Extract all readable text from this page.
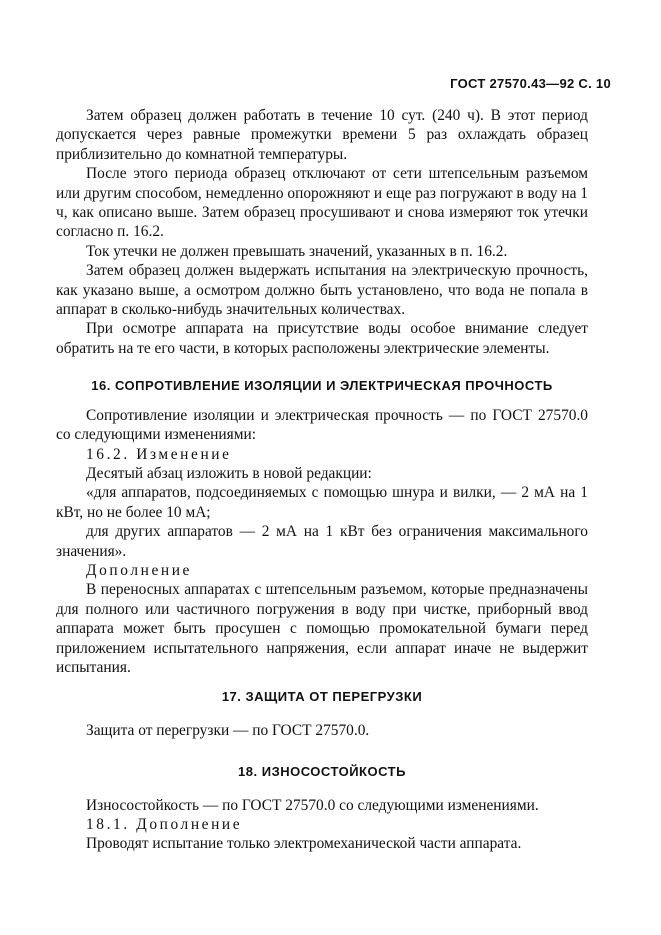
ГОСТ 27570.43—92 С. 10

Затем образец должен работать в течение 10 сут. (240 ч). В этот период допускается через равные промежутки времени 5 раз охлаждать образец приблизительно до комнатной температуры.

После этого периода образец отключают от сети штепсельным разъемом или другим способом, немедленно опорожняют и еще раз погружают в воду на 1 ч, как описано выше. Затем образец просушивают и снова измеряют ток утечки согласно п. 16.2.

Ток утечки не должен превышать значений, указанных в п. 16.2.

Затем образец должен выдержать испытания на электрическую прочность, как указано выше, а осмотром должно быть установлено, что вода не попала в аппарат в сколько-нибудь значительных количествах.

При осмотре аппарата на присутствие воды особое внимание следует обратить на те его части, в которых расположены электрические элементы.

16. СОПРОТИВЛЕНИЕ ИЗОЛЯЦИИ И ЭЛЕКТРИЧЕСКАЯ ПРОЧНОСТЬ

Сопротивление изоляции и электрическая прочность — по ГОСТ 27570.0 со следующими изменениями:

16.2. Изменение

Десятый абзац изложить в новой редакции:

«для аппаратов, подсоединяемых с помощью шнура и вилки, — 2 мА на 1 кВт, но не более 10 мА;

для других аппаратов — 2 мА на 1 кВт без ограничения максимального значения».

Дополнение

В переносных аппаратах с штепсельным разъемом, которые предназначены для полного или частичного погружения в воду при чистке, приборный ввод аппарата может быть просушен с помощью промокательной бумаги перед приложением испытательного напряжения, если аппарат иначе не выдержит испытания.

17. ЗАЩИТА ОТ ПЕРЕГРУЗКИ

Защита от перегрузки — по ГОСТ 27570.0.

18. ИЗНОСОСТОЙКОСТЬ

Износостойкость — по ГОСТ 27570.0 со следующими изменениями.

18.1. Дополнение

Проводят испытание только электромеханической части аппарата.
